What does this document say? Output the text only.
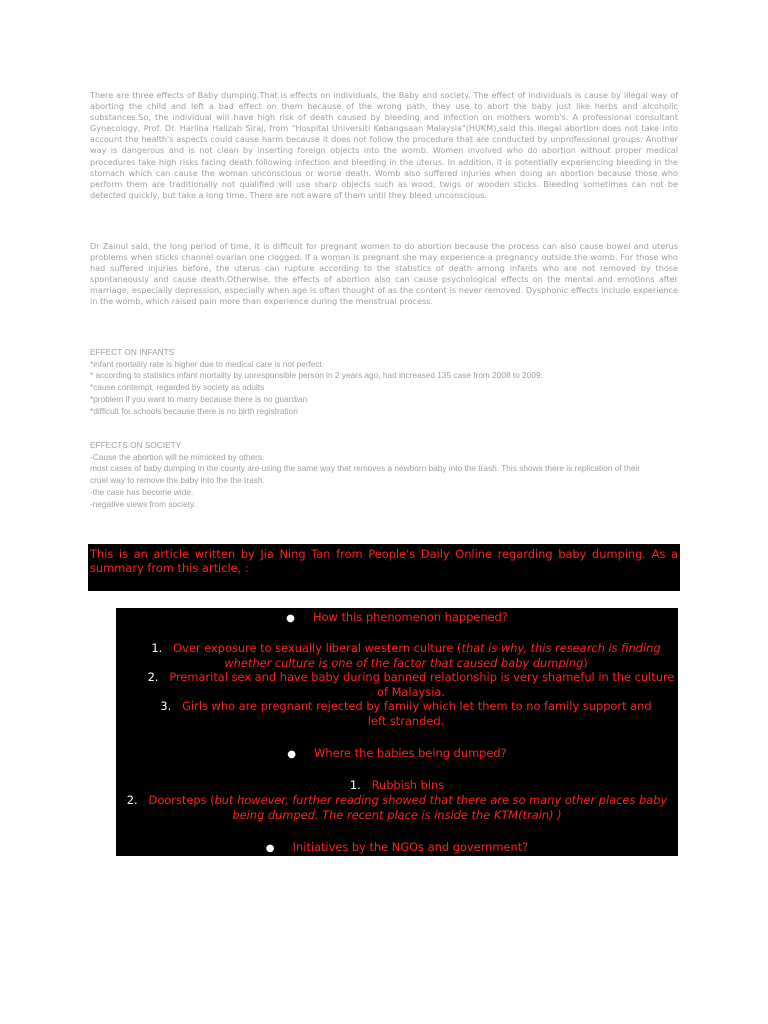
There are three effects of Baby dumping.That is effects on individuals, the Baby and society. The effect of individuals is cause by illegal way of aborting the child and left a bad effect on them because of the wrong path, they use to abort the baby just like herbs and alcoholic substances.So, the individual will have high risk of death caused by bleeding and infection on mothers womb's. A professional consultant Gynecology, Prof. Dr. Harlina Halizah Siraj, from "Hospital Universiti Kebangsaan Malaysia"(HUKM),said this illegal abortion does not take into account the health's aspects could cause harm because it does not follow the procedure that are conducted by unprofessional groups. Another way is dangerous and is not clean by inserting foreign objects into the womb. Women involved who do abortion without proper medical procedures take high risks facing death following infection and bleeding in the uterus. In addition, it is potentially experiencing bleeding in the stomach which can cause the woman unconscious or worse death. Womb also suffered injuries when doing an abortion because those who perform them are traditionally not qualified will use sharp objects such as wood, twigs or wooden sticks. Bleeding sometimes can not be detected quickly, but take a long time. There are not aware of them until they bleed unconscious.

Dr Zainul said, the long period of time, it is difficult for pregnant women to do abortion because the process can also cause bowel and uterus problems when sticks channel ovarian one clogged. If a woman is pregnant she may experience a pregnancy outside the womb. For those who had suffered injuries before, the uterus can rupture according to the statistics of death among infants who are not removed by those spontaneously and cause death.Otherwise, the effects of abortion also can cause psychological effects on the mental and emotions after marriage, especially depression, especially when age is often thought of as the content is never removed. Dysphonic effects include experience in the womb, which raised pain more than experience during the menstrual process.

EFFECT ON INFANTS
*infant mortality rate is higher due to medical care is not perfect
* according to statistics infant mortality by unresponsible person in 2 years ago, had increased 135 case from 2008 to 2009.
*cause contempt, regarded by society as adults
*problem if you want to marry because there is no guardian
*difficult for schools because there is no birth registration
EFFECTS ON SOCIETY
-Cause the abortion will be mimicked by others.
most cases of baby dumping in the county are using the same way that removes a newborn baby into the trash. This shows there is replication of their cruel way to remove the baby into the the trash.
-the case has become wide.
-negative views from society.
This is an article written by Jia Ning Tan from People's Daily Online regarding baby dumping. As a summary from this article, :
● How this phenomenon happened?
1. Over exposure to sexually liberal western culture (that is why, this research is finding whether culture is one of the factor that caused baby dumping)
2. Premarital sex and have baby during banned relationship is very shameful in the culture of Malaysia.
3. Girls who are pregnant rejected by family which let them to no family support and left stranded.
● Where the babies being dumped?
1. Rubbish bins
2. Doorsteps (but however, further reading showed that there are so many other places baby being dumped. The recent place is inside the KTM(train) )
● Initiatives by the NGOs and government?
